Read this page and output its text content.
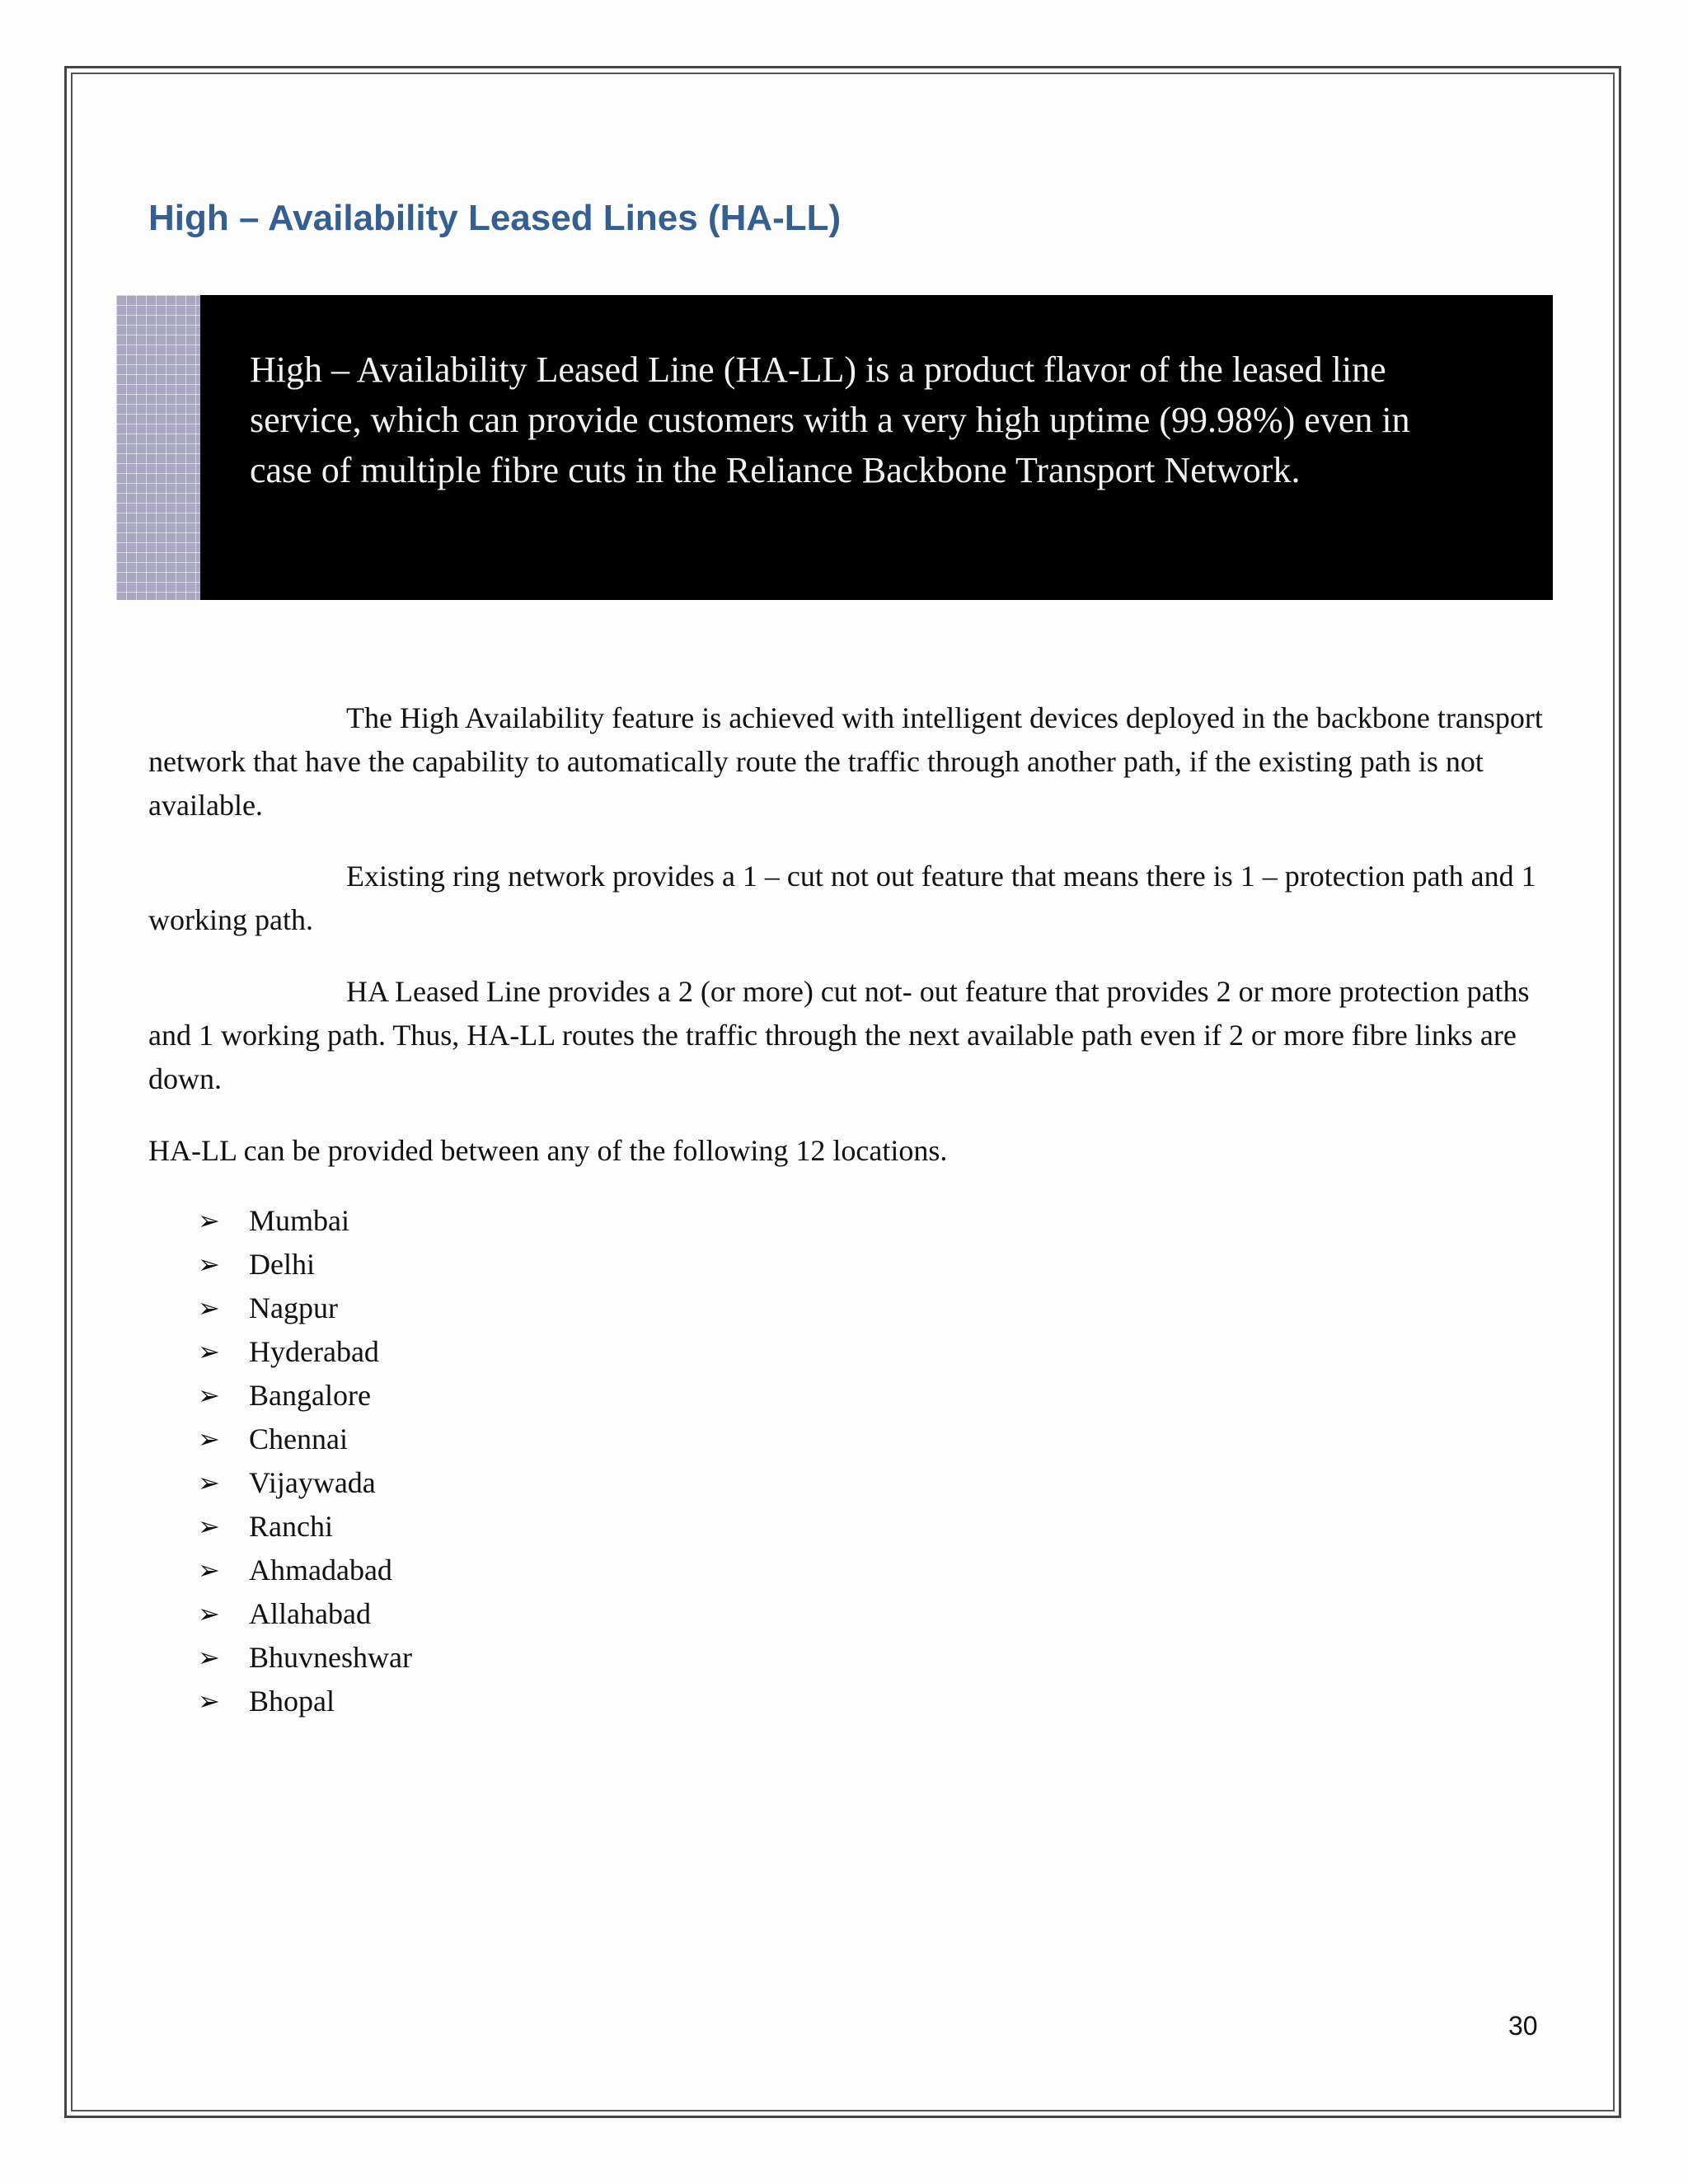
High – Availability Leased Lines (HA-LL)

High – Availability Leased Line (HA-LL) is a product flavor of the leased line service, which can provide customers with a very high uptime (99.98%) even in case of multiple fibre cuts in the Reliance Backbone Transport Network.

The High Availability feature is achieved with intelligent devices deployed in the backbone transport network that have the capability to automatically route the traffic through another path, if the existing path is not available.

Existing ring network provides a 1 – cut not out feature that means there is 1 – protection path and 1 working path.

HA Leased Line provides a 2 (or more) cut not- out feature that provides 2 or more protection paths and 1 working path. Thus, HA-LL routes the traffic through the next available path even if 2 or more fibre links are down.

HA-LL can be provided between any of the following 12 locations.

➢ Mumbai
➢ Delhi
➢ Nagpur
➢ Hyderabad
➢ Bangalore
➢ Chennai
➢ Vijaywada
➢ Ranchi
➢ Ahmadabad
➢ Allahabad
➢ Bhuvneshwar
➢ Bhopal
30
